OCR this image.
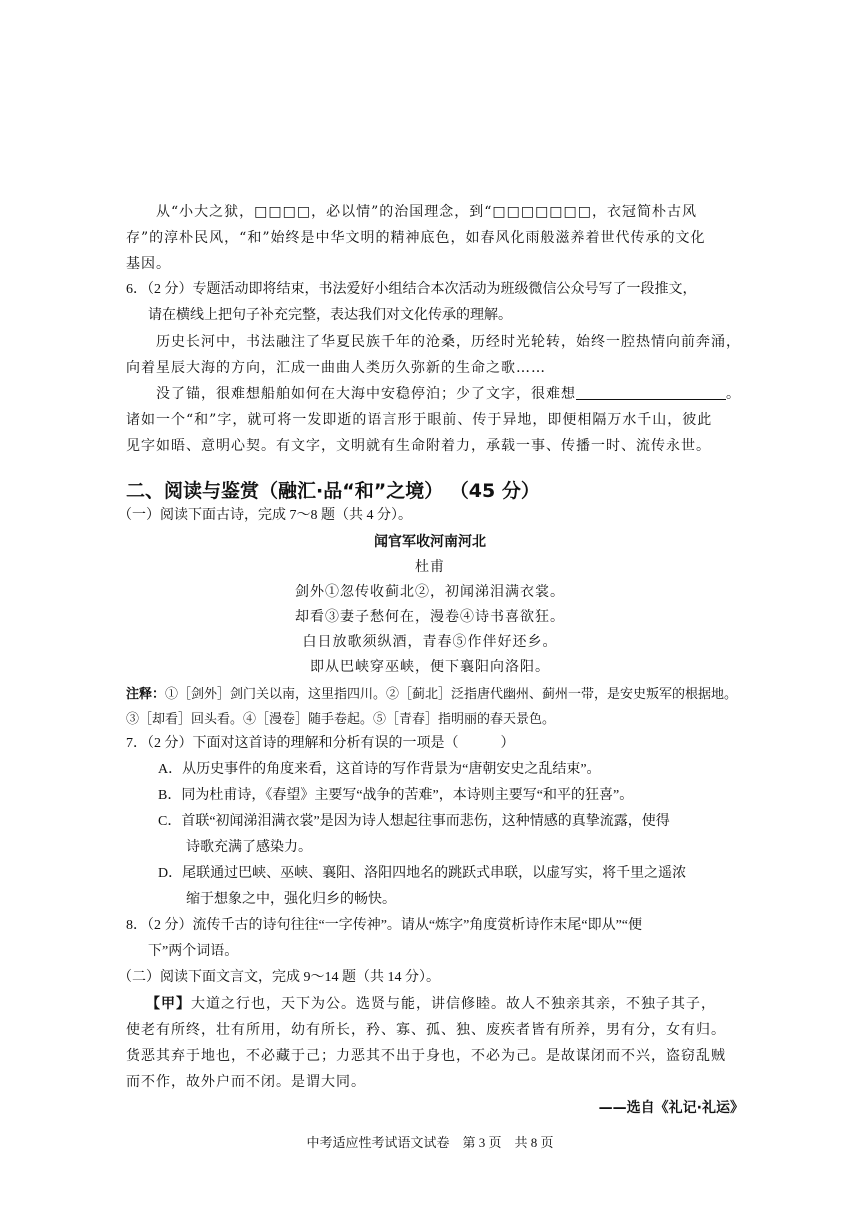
从“小大之狱，□□□□，必以情”的治国理念，到“□□□□□□□，衣冠简朴古风
存”的淳朴民风，“和”始终是中华文明的精神底色，如春风化雨般滋养着世代传承的文化
基因。
6．（2 分）专题活动即将结束，书法爱好小组结合本次活动为班级微信公众号写了一段推文，
请在横线上把句子补充完整，表达我们对文化传承的理解。
历史长河中，书法融注了华夏民族千年的沧桑，历经时光轮转，始终一腔热情向前奔涌，
向着星辰大海的方向，汇成一曲曲人类历久弥新的生命之歌……
没了锚，很难想船舶如何在大海中安稳停泊；少了文字，很难想	。
诸如一个“和”字，就可将一发即逝的语言形于眼前、传于异地，即便相隔万水千山，彼此
见字如晤、意明心契。有文字，文明就有生命附着力，承载一事、传播一时、流传永世。
二、阅读与鉴赏（融汇·品“和”之境） （45 分）
（一）阅读下面古诗，完成 7～8 题（共 4 分）。
闻官军收河南河北
杜甫
剑外①忽传收蓟北②，初闻涕泪满衣裳。
却看③妻子愁何在，漫卷④诗书喜欲狂。
白日放歌须纵酒，青春⑤作伴好还乡。
即从巴峡穿巫峡，便下襄阳向洛阳。
注释：①［剑外］剑门关以南，这里指四川。②［蓟北］泛指唐代幽州、蓟州一带，是安史叛军的根据地。
③［却看］回头看。④［漫卷］随手卷起。⑤［青春］指明丽的春天景色。
7．（2 分）下面对这首诗的理解和分析有误的一项是（　　　）
A．从历史事件的角度来看，这首诗的写作背景为“唐朝安史之乱结束”。
B．同为杜甫诗，《春望》主要写“战争的苦难”，本诗则主要写“和平的狂喜”。
C．首联“初闻涕泪满衣裳”是因为诗人想起往事而悲伤，这种情感的真挚流露，使得
诗歌充满了感染力。
D．尾联通过巴峡、巫峡、襄阳、洛阳四地名的跳跃式串联，以虚写实，将千里之遥浓
缩于想象之中，强化归乡的畅快。
8．（2 分）流传千古的诗句往往“一字传神”。请从“炼字”角度赏析诗作末尾“即从”“便
下”两个词语。
（二）阅读下面文言文，完成 9～14 题（共 14 分）。
【甲】大道之行也，天下为公。选贤与能，讲信修睦。故人不独亲其亲，不独子其子，
使老有所终，壮有所用，幼有所长，矜、寡、孤、独、废疾者皆有所养，男有分，女有归。
货恶其弃于地也，不必藏于己；力恶其不出于身也，不必为己。是故谋闭而不兴，盗窃乱贼
而不作，故外户而不闭。是谓大同。
——选自《礼记·礼运》
中考适应性考试语文试卷　第 3 页　共 8 页
